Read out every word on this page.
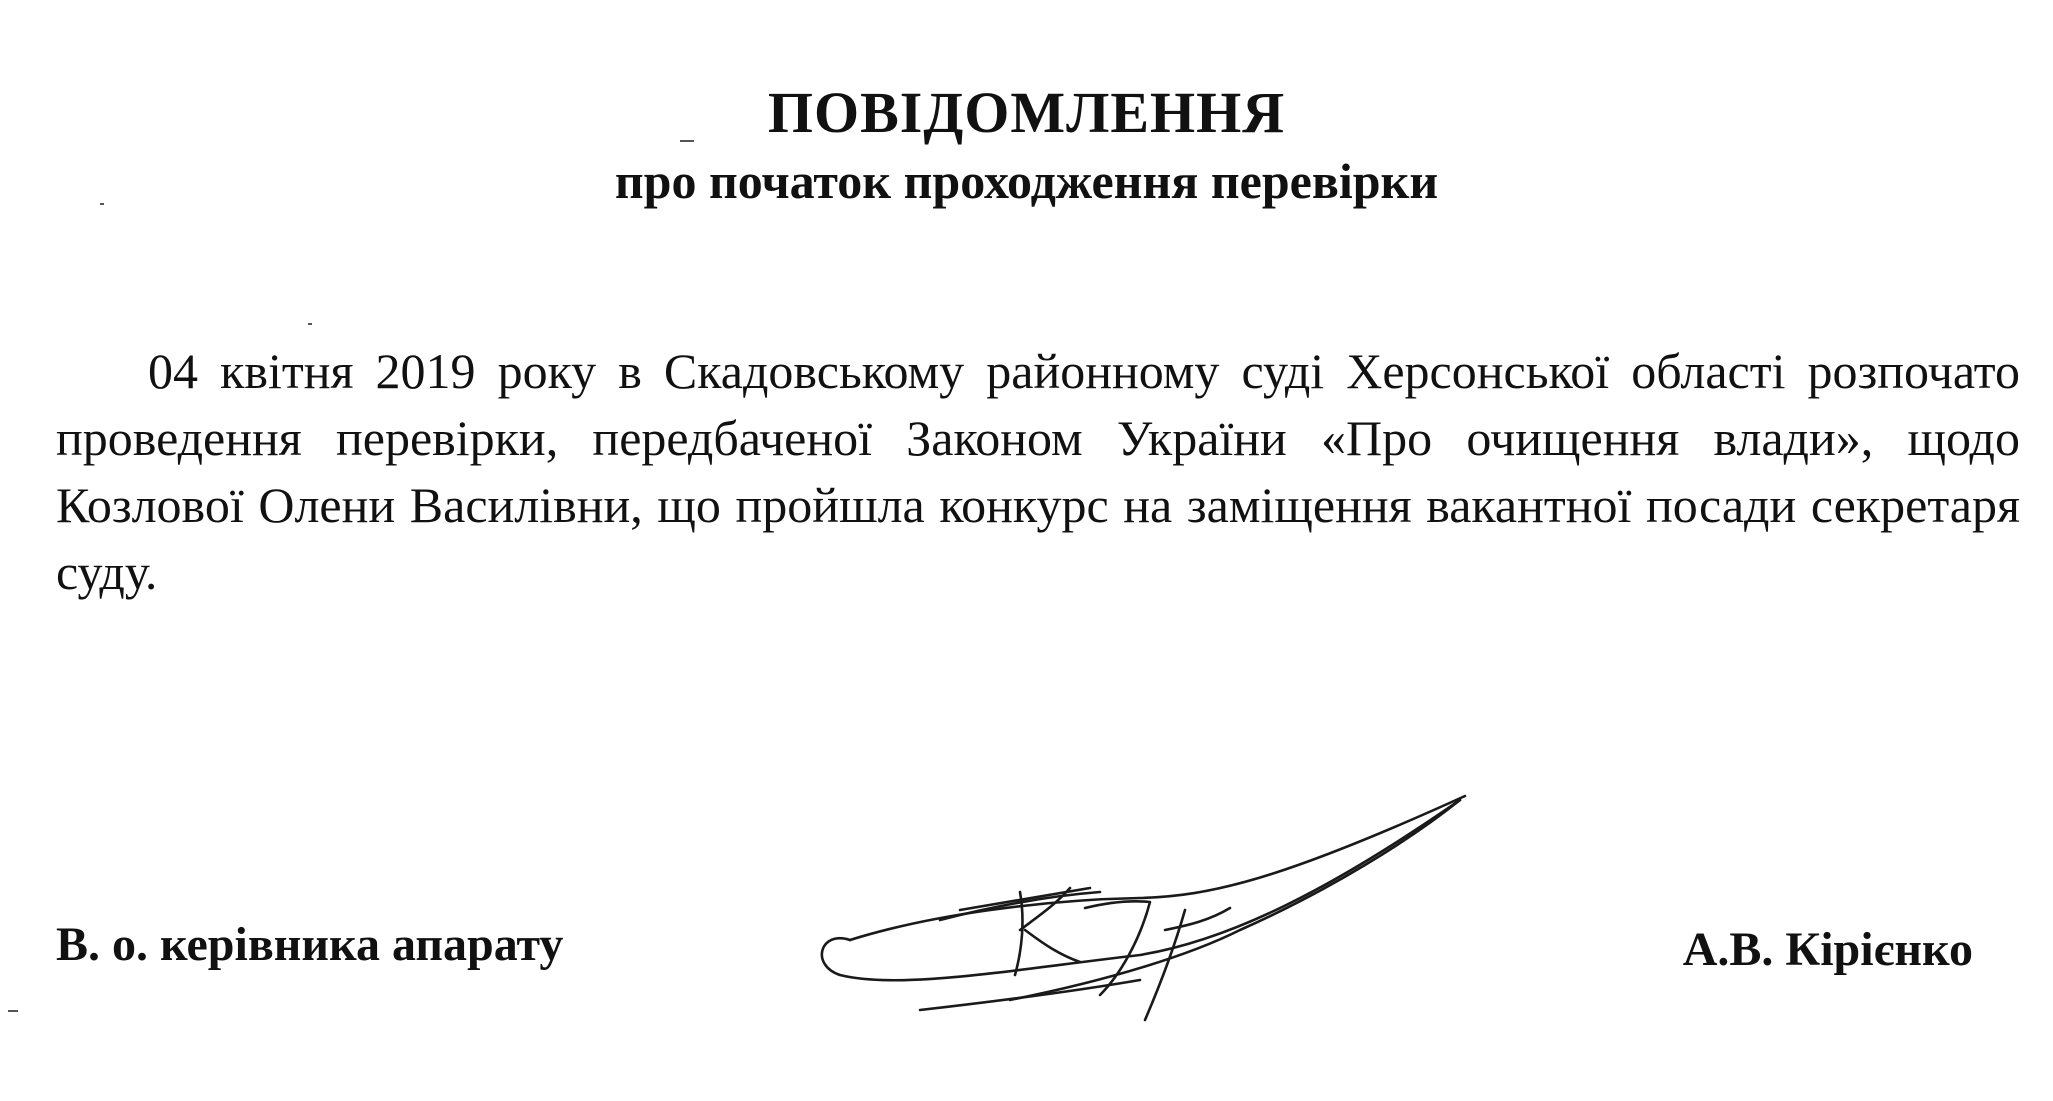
ПОВІДОМЛЕННЯ
про початок проходження перевірки

04 квітня 2019 року в Скадовському районному суді Херсонської області розпочато проведення перевірки, передбаченої Законом України «Про очищення влади», щодо Козлової Олени Василівни, що пройшла конкурс на заміщення вакантної посади секретаря суду.

В. о. керівника апарату	А.В. Кірієнко
